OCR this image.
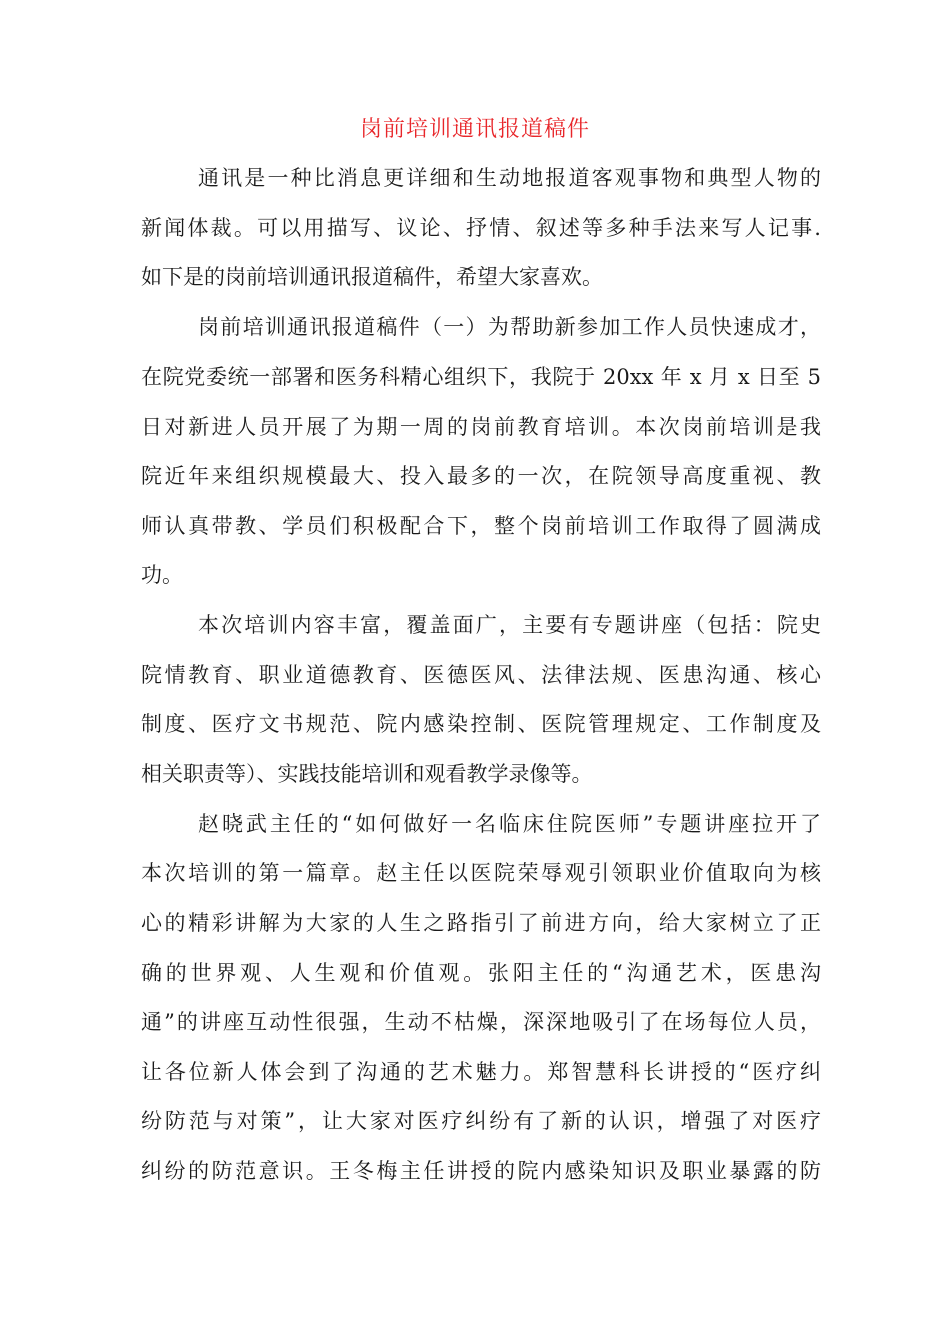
岗前培训通讯报道稿件
通讯是一种比消息更详细和生动地报道客观事物和典型人物的
新闻体裁。可以用描写、议论、抒情、叙述等多种手法来写人记事.
如下是的岗前培训通讯报道稿件，希望大家喜欢。
岗前培训通讯报道稿件（一）为帮助新参加工作人员快速成才，
在院党委统一部署和医务科精心组织下，我院于 20xx 年 x 月 x 日至 5
日对新进人员开展了为期一周的岗前教育培训。本次岗前培训是我
院近年来组织规模最大、投入最多的一次，在院领导高度重视、教
师认真带教、学员们积极配合下，整个岗前培训工作取得了圆满成
功。
本次培训内容丰富，覆盖面广，主要有专题讲座（包括：院史
院情教育、职业道德教育、医德医风、法律法规、医患沟通、核心
制度、医疗文书规范、院内感染控制、医院管理规定、工作制度及
相关职责等）、实践技能培训和观看教学录像等。
赵晓武主任的“如何做好一名临床住院医师”专题讲座拉开了
本次培训的第一篇章。赵主任以医院荣辱观引领职业价值取向为核
心的精彩讲解为大家的人生之路指引了前进方向，给大家树立了正
确的世界观、人生观和价值观。张阳主任的“沟通艺术，医患沟
通”的讲座互动性很强，生动不枯燥，深深地吸引了在场每位人员，
让各位新人体会到了沟通的艺术魅力。郑智慧科长讲授的“医疗纠
纷防范与对策”，让大家对医疗纠纷有了新的认识，增强了对医疗
纠纷的防范意识。王冬梅主任讲授的院内感染知识及职业暴露的防
